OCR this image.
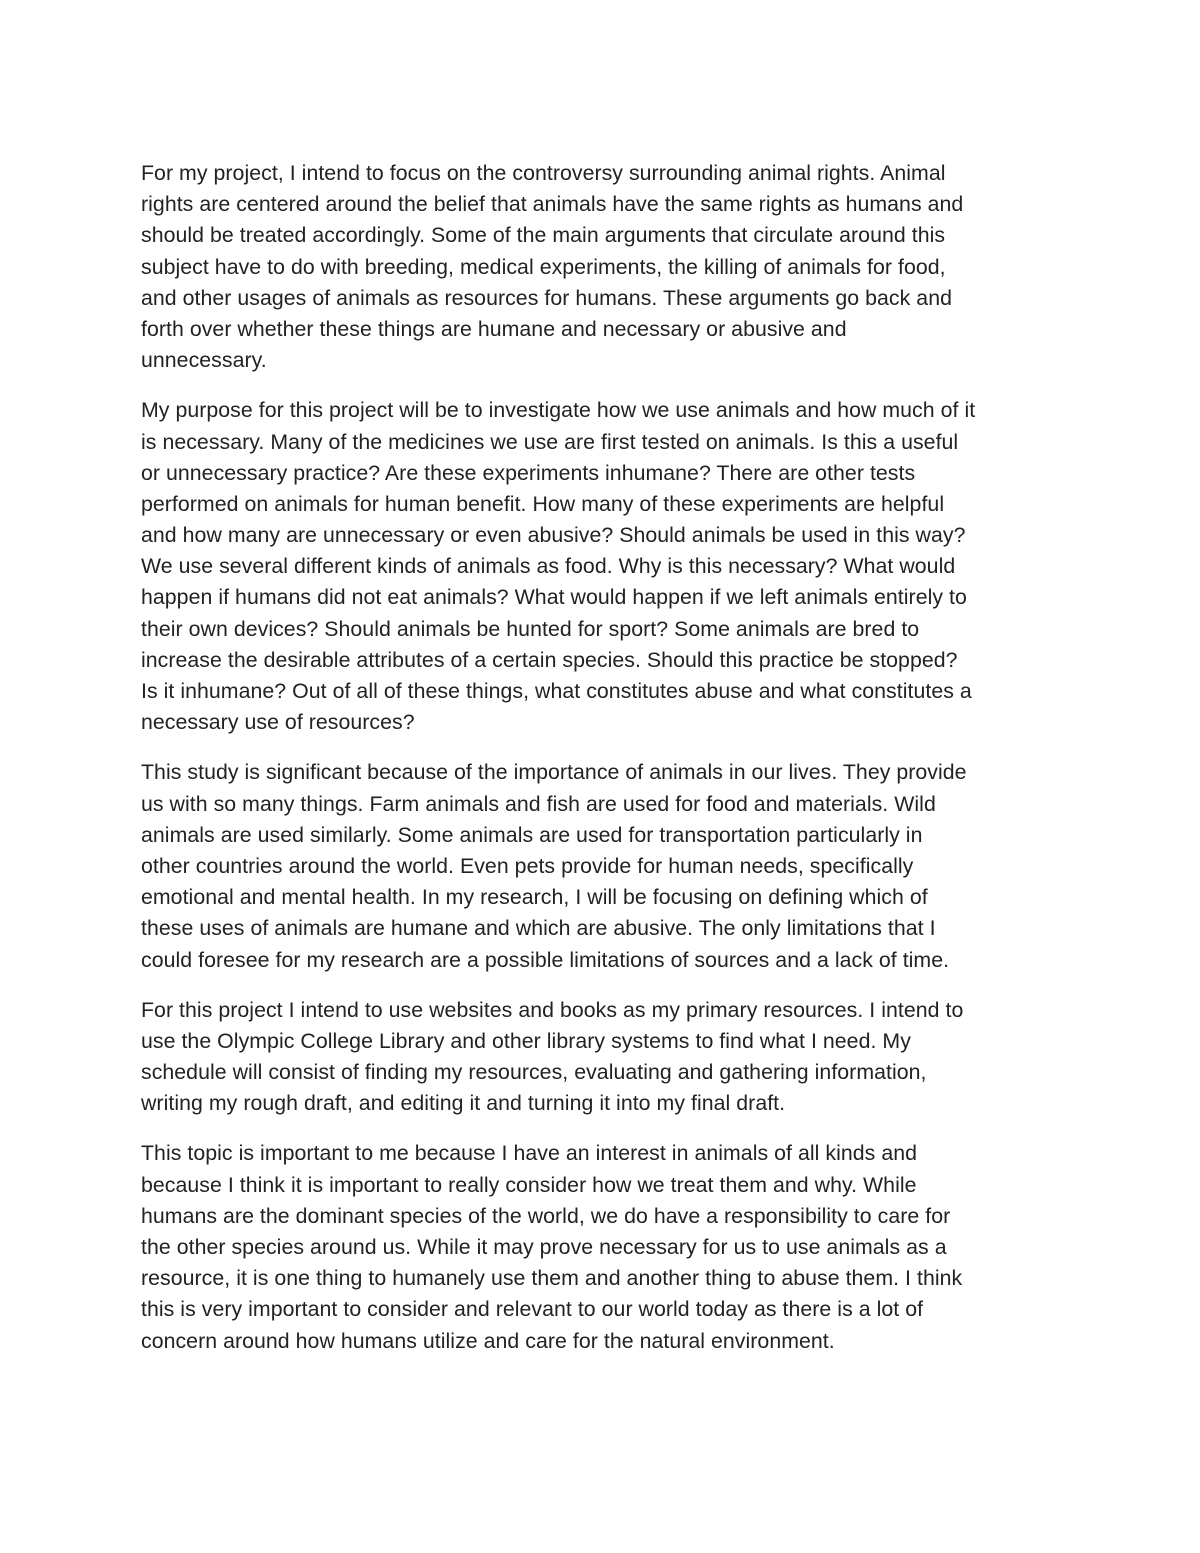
For my project, I intend to focus on the controversy surrounding animal rights. Animal
rights are centered around the belief that animals have the same rights as humans and
should be treated accordingly. Some of the main arguments that circulate around this
subject have to do with breeding, medical experiments, the killing of animals for food,
and other usages of animals as resources for humans. These arguments go back and
forth over whether these things are humane and necessary or abusive and
unnecessary.
My purpose for this project will be to investigate how we use animals and how much of it
is necessary. Many of the medicines we use are first tested on animals. Is this a useful
or unnecessary practice? Are these experiments inhumane? There are other tests
performed on animals for human benefit. How many of these experiments are helpful
and how many are unnecessary or even abusive? Should animals be used in this way?
We use several different kinds of animals as food. Why is this necessary? What would
happen if humans did not eat animals? What would happen if we left animals entirely to
their own devices? Should animals be hunted for sport? Some animals are bred to
increase the desirable attributes of a certain species. Should this practice be stopped?
Is it inhumane? Out of all of these things, what constitutes abuse and what constitutes a
necessary use of resources?
This study is significant because of the importance of animals in our lives. They provide
us with so many things. Farm animals and fish are used for food and materials. Wild
animals are used similarly. Some animals are used for transportation particularly in
other countries around the world. Even pets provide for human needs, specifically
emotional and mental health. In my research, I will be focusing on defining which of
these uses of animals are humane and which are abusive. The only limitations that I
could foresee for my research are a possible limitations of sources and a lack of time.
For this project I intend to use websites and books as my primary resources. I intend to
use the Olympic College Library and other library systems to find what I need. My
schedule will consist of finding my resources, evaluating and gathering information,
writing my rough draft, and editing it and turning it into my final draft.
This topic is important to me because I have an interest in animals of all kinds and
because I think it is important to really consider how we treat them and why. While
humans are the dominant species of the world, we do have a responsibility to care for
the other species around us. While it may prove necessary for us to use animals as a
resource, it is one thing to humanely use them and another thing to abuse them. I think
this is very important to consider and relevant to our world today as there is a lot of
concern around how humans utilize and care for the natural environment.
